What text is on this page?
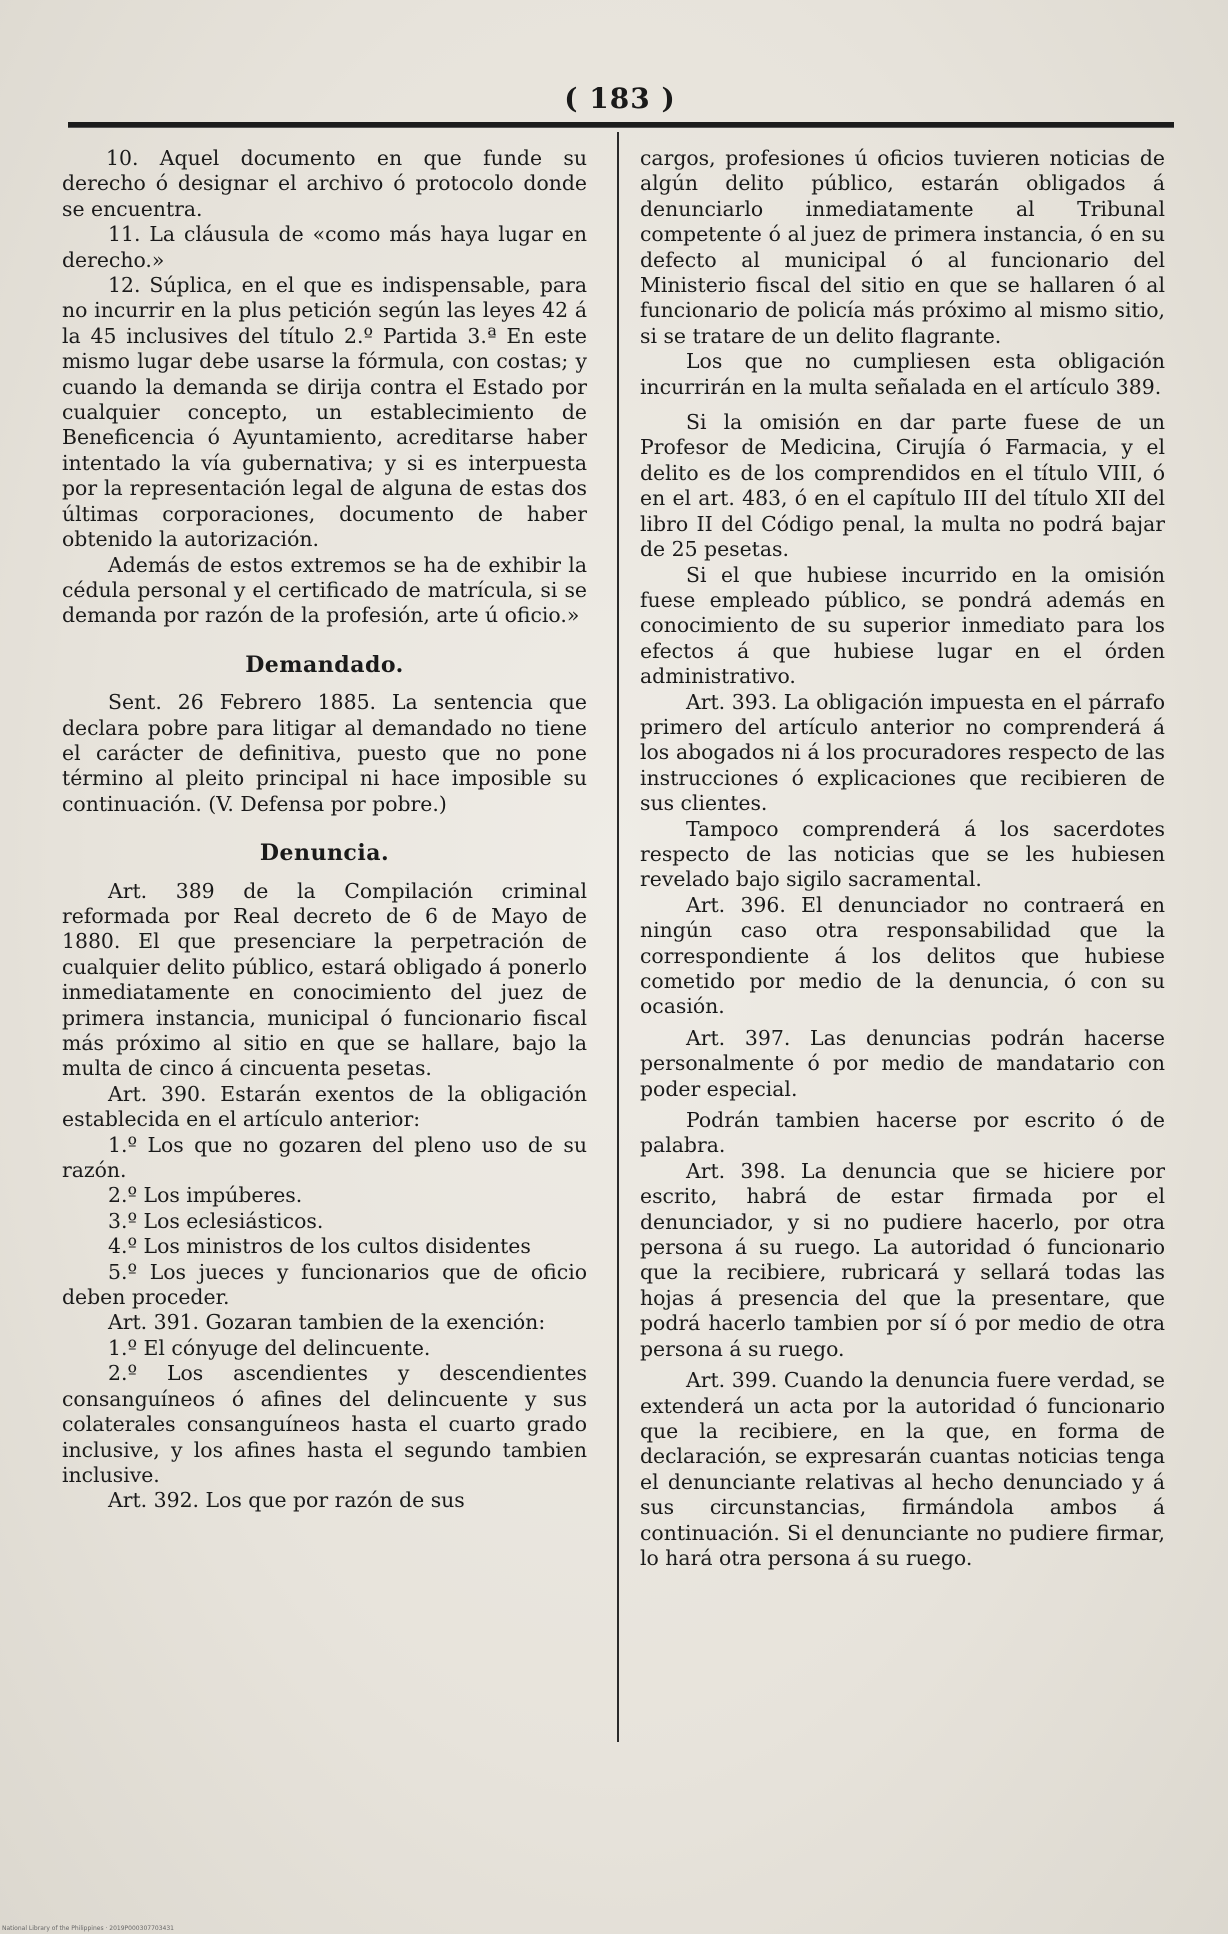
( 183 )

10. Aquel documento en que funde su derecho ó designar el archivo ó protocolo donde se encuentra.

11. La cláusula de «como más haya lugar en derecho.»

12. Súplica, en el que es indispensable, para no incurrir en la plus petición según las leyes 42 á la 45 inclusives del título 2.º Partida 3.ª En este mismo lugar debe usarse la fórmula, con costas; y cuando la demanda se dirija contra el Estado por cualquier concepto, un establecimiento de Beneficencia ó Ayuntamiento, acreditarse haber intentado la vía gubernativa; y si es interpuesta por la representación legal de alguna de estas dos últimas corporaciones, documento de haber obtenido la autorización.

Además de estos extremos se ha de exhibir la cédula personal y el certificado de matrícula, si se demanda por razón de la profesión, arte ú oficio.»

Demandado.

Sent. 26 Febrero 1885. La sentencia que declara pobre para litigar al demandado no tiene el carácter de definitiva, puesto que no pone término al pleito principal ni hace imposible su continuación. (V. Defensa por pobre.)

Denuncia.

Art. 389 de la Compilación criminal reformada por Real decreto de 6 de Mayo de 1880. El que presenciare la perpetración de cualquier delito público, estará obligado á ponerlo inmediatamente en conocimiento del juez de primera instancia, municipal ó funcionario fiscal más próximo al sitio en que se hallare, bajo la multa de cinco á cincuenta pesetas.

Art. 390. Estarán exentos de la obligación establecida en el artículo anterior:

1.º Los que no gozaren del pleno uso de su razón.

2.º Los impúberes.

3.º Los eclesiásticos.

4.º Los ministros de los cultos disidentes

5.º Los jueces y funcionarios que de oficio deben proceder.

Art. 391. Gozaran tambien de la exención:

1.º El cónyuge del delincuente.

2.º Los ascendientes y descendientes consanguíneos ó afines del delincuente y sus colaterales consanguíneos hasta el cuarto grado inclusive, y los afines hasta el segundo tambien inclusive.

Art. 392. Los que por razón de sus

cargos, profesiones ú oficios tuvieren noticias de algún delito público, estarán obligados á denunciarlo inmediatamente al Tribunal competente ó al juez de primera instancia, ó en su defecto al municipal ó al funcionario del Ministerio fiscal del sitio en que se hallaren ó al funcionario de policía más próximo al mismo sitio, si se tratare de un delito flagrante.

Los que no cumpliesen esta obligación incurrirán en la multa señalada en el artículo 389.

Si la omisión en dar parte fuese de un Profesor de Medicina, Cirujía ó Farmacia, y el delito es de los comprendidos en el título VIII, ó en el art. 483, ó en el capítulo III del título XII del libro II del Código penal, la multa no podrá bajar de 25 pesetas.

Si el que hubiese incurrido en la omisión fuese empleado público, se pondrá además en conocimiento de su superior inmediato para los efectos á que hubiese lugar en el órden administrativo.

Art. 393. La obligación impuesta en el párrafo primero del artículo anterior no comprenderá á los abogados ni á los procuradores respecto de las instrucciones ó explicaciones que recibieren de sus clientes.

Tampoco comprenderá á los sacerdotes respecto de las noticias que se les hubiesen revelado bajo sigilo sacramental.

Art. 396. El denunciador no contraerá en ningún caso otra responsabilidad que la correspondiente á los delitos que hubiese cometido por medio de la denuncia, ó con su ocasión.

Art. 397. Las denuncias podrán hacerse personalmente ó por medio de mandatario con poder especial.

Podrán tambien hacerse por escrito ó de palabra.

Art. 398. La denuncia que se hiciere por escrito, habrá de estar firmada por el denunciador, y si no pudiere hacerlo, por otra persona á su ruego. La autoridad ó funcionario que la recibiere, rubricará y sellará todas las hojas á presencia del que la presentare, que podrá hacerlo tambien por sí ó por medio de otra persona á su ruego.

Art. 399. Cuando la denuncia fuere verdad, se extenderá un acta por la autoridad ó funcionario que la recibiere, en la que, en forma de declaración, se expresarán cuantas noticias tenga el denunciante relativas al hecho denunciado y á sus circunstancias, firmándola ambos á continuación. Si el denunciante no pudiere firmar, lo hará otra persona á su ruego.

National Library of the Philippines · 2019P000307703431
